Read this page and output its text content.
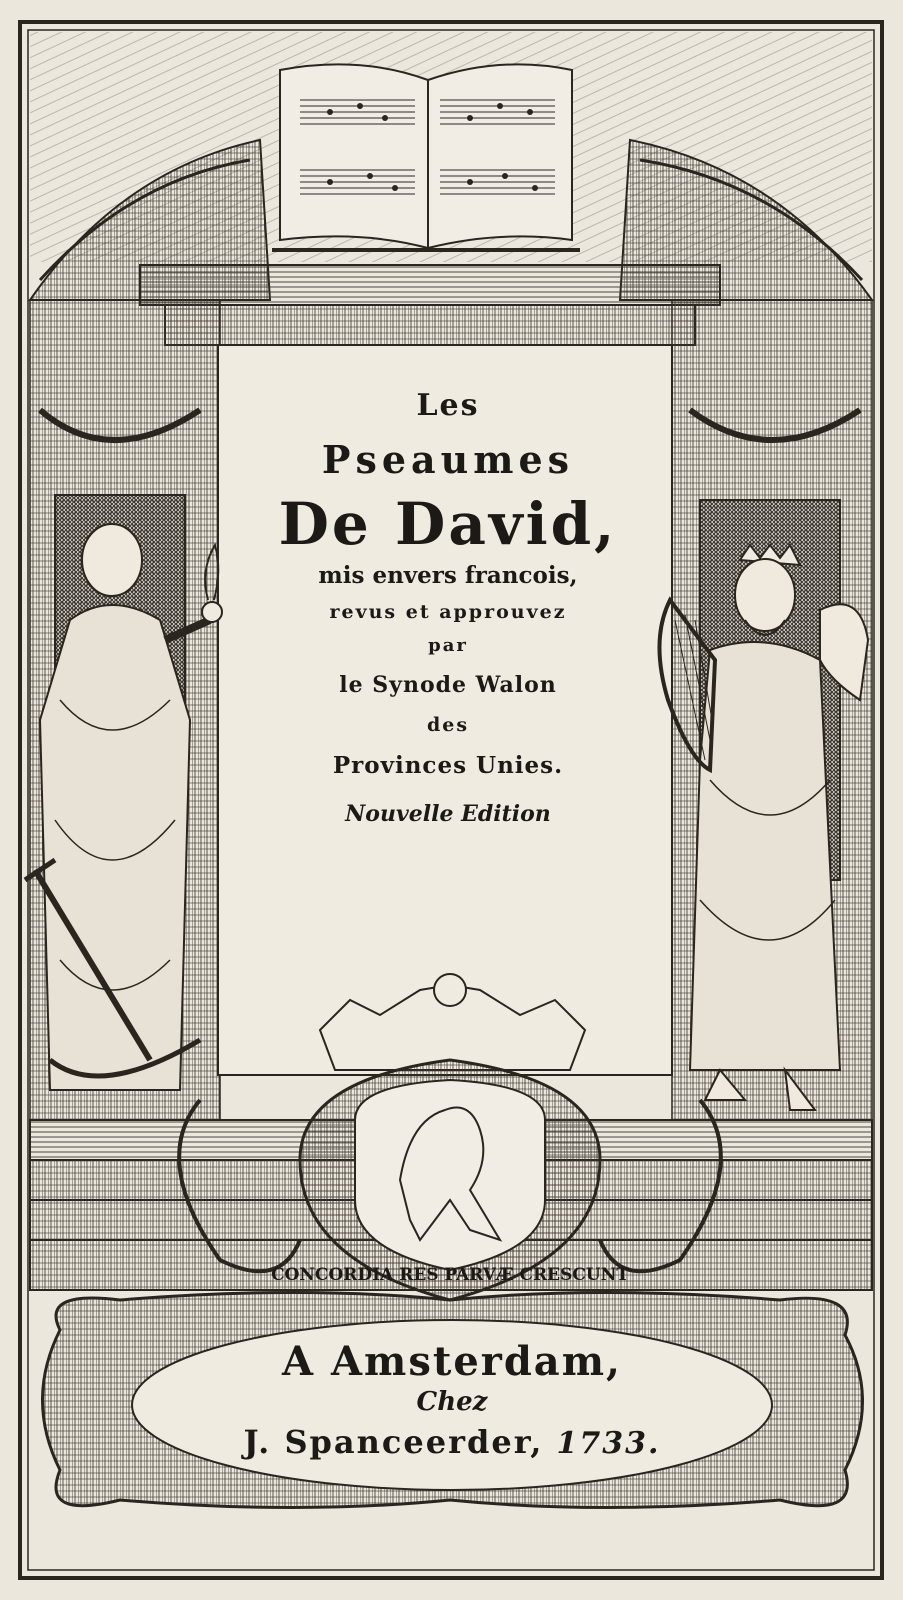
CONCORDIA RES PARVÆ CRESCUNT
Les
Pseaumes
De David,
mis envers francois,
revus et approuvez
par
le Synode Walon
des
Provinces Unies.
Nouvelle Edition
A Amsterdam,
Chez
J. Spanceerder, 1733.
